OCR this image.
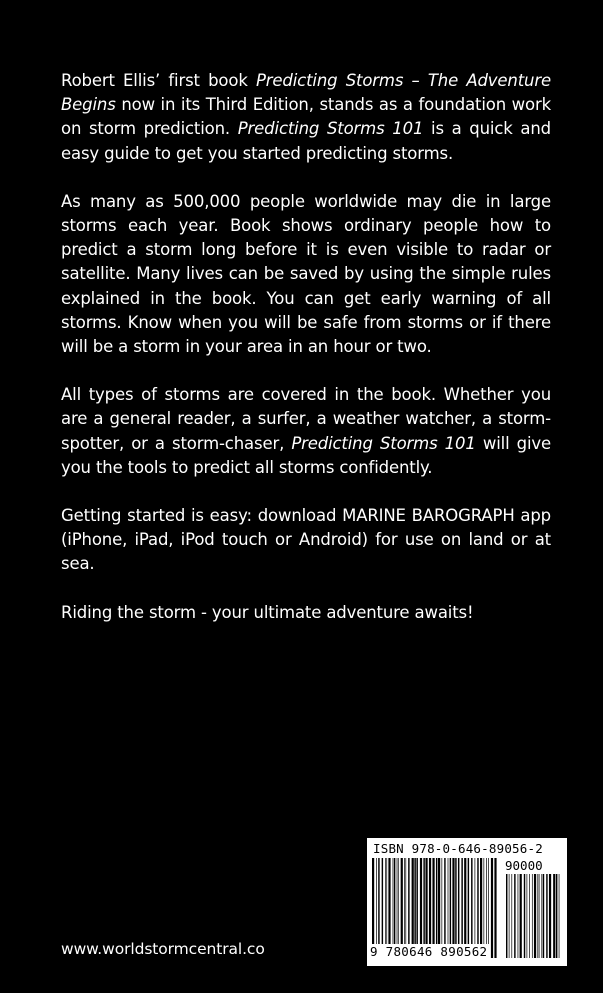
Robert Ellis’ first book Predicting Storms – The Adventure Begins now in its Third Edition, stands as a foundation work on storm prediction. Predicting Storms 101 is a quick and easy guide to get you started predicting storms.

As many as 500,000 people worldwide may die in large storms each year. Book shows ordinary people how to predict a storm long before it is even visible to radar or satellite. Many lives can be saved by using the simple rules explained in the book. You can get early warning of all storms. Know when you will be safe from storms or if there will be a storm in your area in an hour or two.

All types of storms are covered in the book. Whether you are a general reader, a surfer, a weather watcher, a storm-spotter, or a storm-chaser, Predicting Storms 101 will give you the tools to predict all storms confidently.

Getting started is easy: download MARINE BAROGRAPH app (iPhone, iPad, iPod touch or Android) for use on land or at sea.

Riding the storm - your ultimate adventure awaits!

www.worldstormcentral.co
ISBN 978-0-646-89056-2
90000
9 780646 890562
